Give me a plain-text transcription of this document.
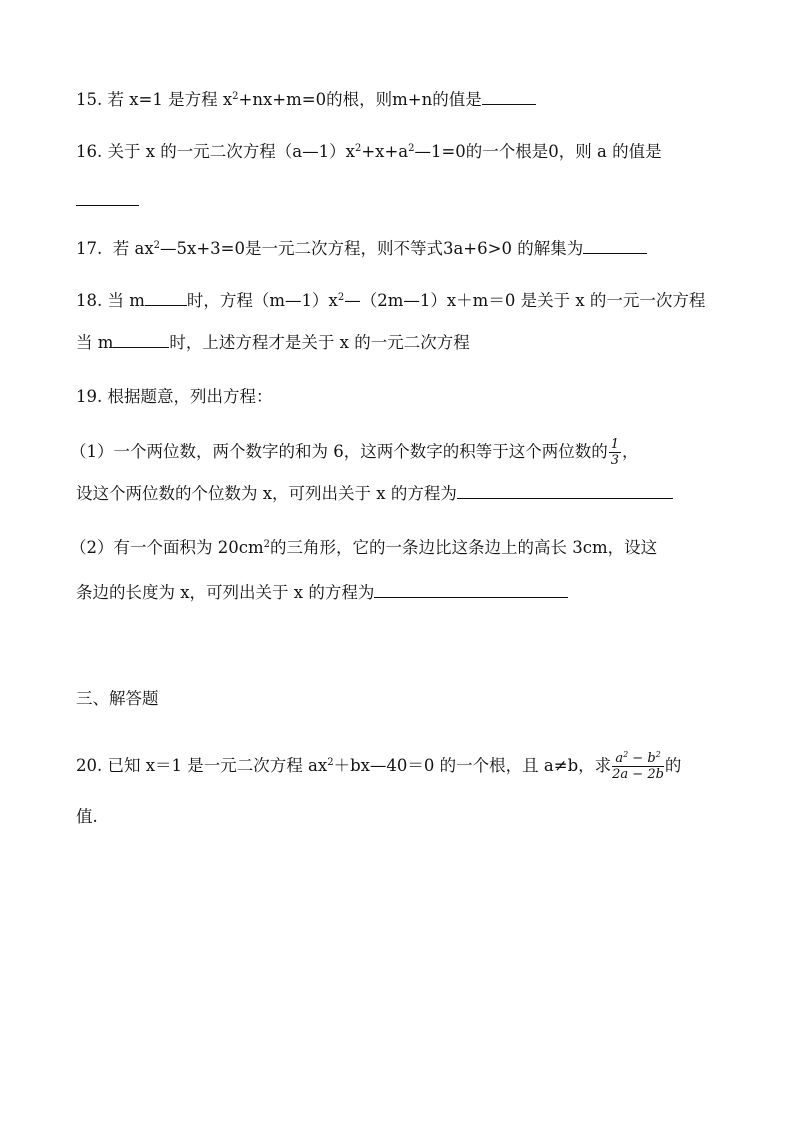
15. 若 x=1 是方程 $x^2+nx+m=0$的根，则m+n的值是
16. 关于 x 的一元二次方程$(a—1)x^2+x+a^2—1=0$的一个根是0，则 a 的值是
17. 若 $ax^2—5x+3=0$是一元二次方程，则不等式3a+6>0 的解集为
18. 当 m	时，方程$(m—1)x^2—(2m—1)x+m=0$ 是关于 x 的一元一次方程
当 m	时，上述方程才是关于 x 的一元二次方程
19. 根据题意，列出方程：
（1）一个两位数，两个数字的和为 6，这两个数字的积等于这个两位数的 $\frac{1}{3}$ ，
设这个两位数的个位数为 x，可列出关于 x 的方程为
（2）有一个面积为 $20cm^2$的三角形，它的一条边比这条边上的高长 3cm，设这
条边的长度为 x，可列出关于 x 的方程为
三、解答题
20. 已知 x＝1 是一元二次方程 $ax^2+bx—40=0$ 的一个根，且 a≠b，求 $\frac{a^2 - b^2}{2a - 2b}$ 的
值.
